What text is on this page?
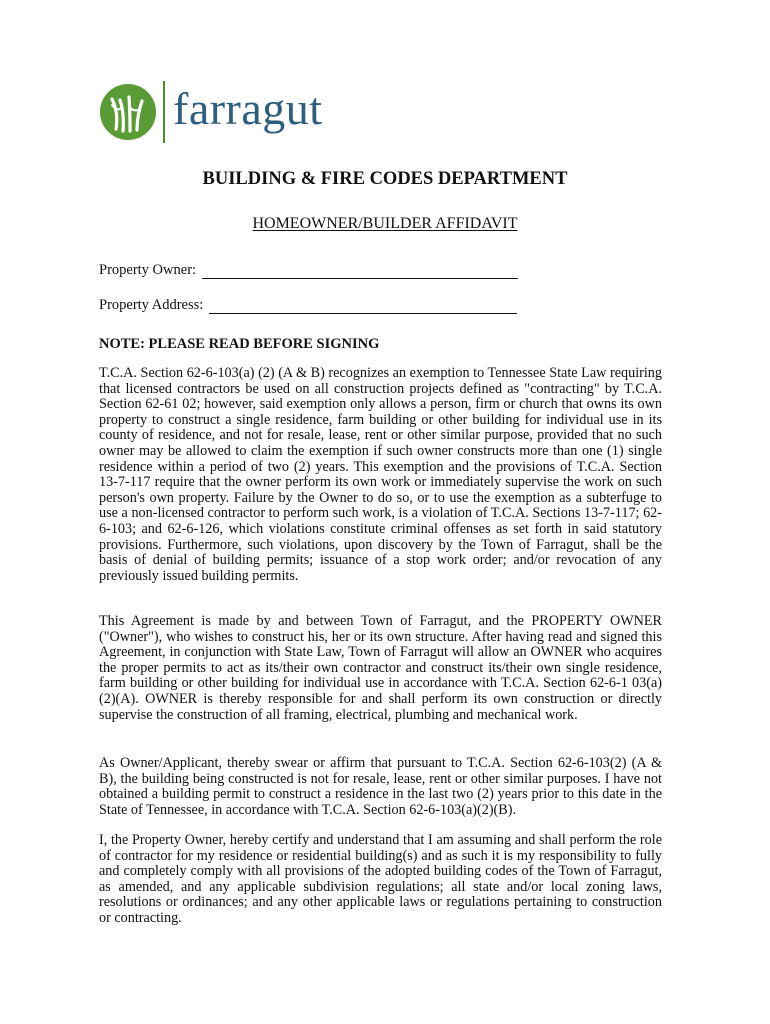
farragut
BUILDING & FIRE CODES DEPARTMENT
HOMEOWNER/BUILDER AFFIDAVIT
Property Owner:
Property Address:
NOTE: PLEASE READ BEFORE SIGNING

T.C.A. Section 62-6-103(a) (2) (A & B) recognizes an exemption to Tennessee State Law requiring that licensed contractors be used on all construction projects defined as "contracting" by T.C.A. Section 62-61 02; however, said exemption only allows a person, firm or church that owns its own property to construct a single residence, farm building or other building for individual use in its county of residence, and not for resale, lease, rent or other similar purpose, provided that no such owner may be allowed to claim the exemption if such owner constructs more than one (1) single residence within a period of two (2) years. This exemption and the provisions of T.C.A. Section 13-7-117 require that the owner perform its own work or immediately supervise the work on such person's own property. Failure by the Owner to do so, or to use the exemption as a subterfuge to use a non-licensed contractor to perform such work, is a violation of T.C.A. Sections 13-7-117; 62-6-103; and 62-6-126, which violations constitute criminal offenses as set forth in said statutory provisions. Furthermore, such violations, upon discovery by the Town of Farragut, shall be the basis of denial of building permits; issuance of a stop work order; and/or revocation of any previously issued building permits.

This Agreement is made by and between Town of Farragut, and the PROPERTY OWNER ("Owner"), who wishes to construct his, her or its own structure. After having read and signed this Agreement, in conjunction with State Law, Town of Farragut will allow an OWNER who acquires the proper permits to act as its/their own contractor and construct its/their own single residence, farm building or other building for individual use in accordance with T.C.A. Section 62-6-1 03(a)(2)(A). OWNER is thereby responsible for and shall perform its own construction or directly supervise the construction of all framing, electrical, plumbing and mechanical work.

As Owner/Applicant, thereby swear or affirm that pursuant to T.C.A. Section 62-6-103(2) (A & B), the building being constructed is not for resale, lease, rent or other similar purposes. I have not obtained a building permit to construct a residence in the last two (2) years prior to this date in the State of Tennessee, in accordance with T.C.A. Section 62-6-103(a)(2)(B).

I, the Property Owner, hereby certify and understand that I am assuming and shall perform the role of contractor for my residence or residential building(s) and as such it is my responsibility to fully and completely comply with all provisions of the adopted building codes of the Town of Farragut, as amended, and any applicable subdivision regulations; all state and/or local zoning laws, resolutions or ordinances; and any other applicable laws or regulations pertaining to construction or contracting.
